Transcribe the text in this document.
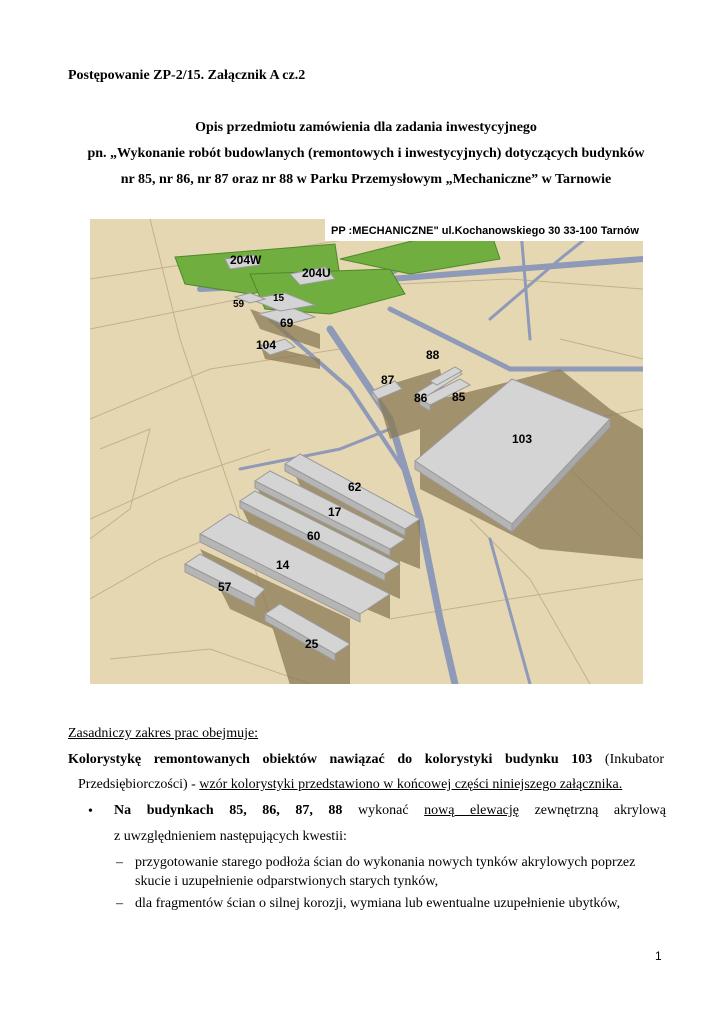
Postępowanie ZP-2/15. Załącznik A cz.2
Opis przedmiotu zamówienia dla zadania inwestycyjnego
pn. „Wykonanie robót budowlanych (remontowych i inwestycyjnych) dotyczących budynków
nr 85, nr 86, nr 87 oraz nr 88 w Parku Przemysłowym „Mechaniczne” w Tarnowie
PP :MECHANICZNE" ul.Kochanowskiego 30 33-100 Tarnów
204W
204U
59
15
69
104
88
87
86 85
103
62
17
60
14
57
25
Zasadniczy zakres prac obejmuje:
Kolorystykę remontowanych obiektów nawiązać do kolorystyki budynku 103 (Inkubator
Przedsiębiorczości) - wzór kolorystyki przedstawiono w końcowej części niniejszego załącznika.
• Na budynkach 85, 86, 87, 88 wykonać nową elewację zewnętrzną akrylową
z uwzględnieniem następujących kwestii:
– przygotowanie starego podłoża ścian do wykonania nowych tynków akrylowych poprzez
skucie i uzupełnienie odparstwionych starych tynków,
– dla fragmentów ścian o silnej korozji, wymiana lub ewentualne uzupełnienie ubytków,
1
